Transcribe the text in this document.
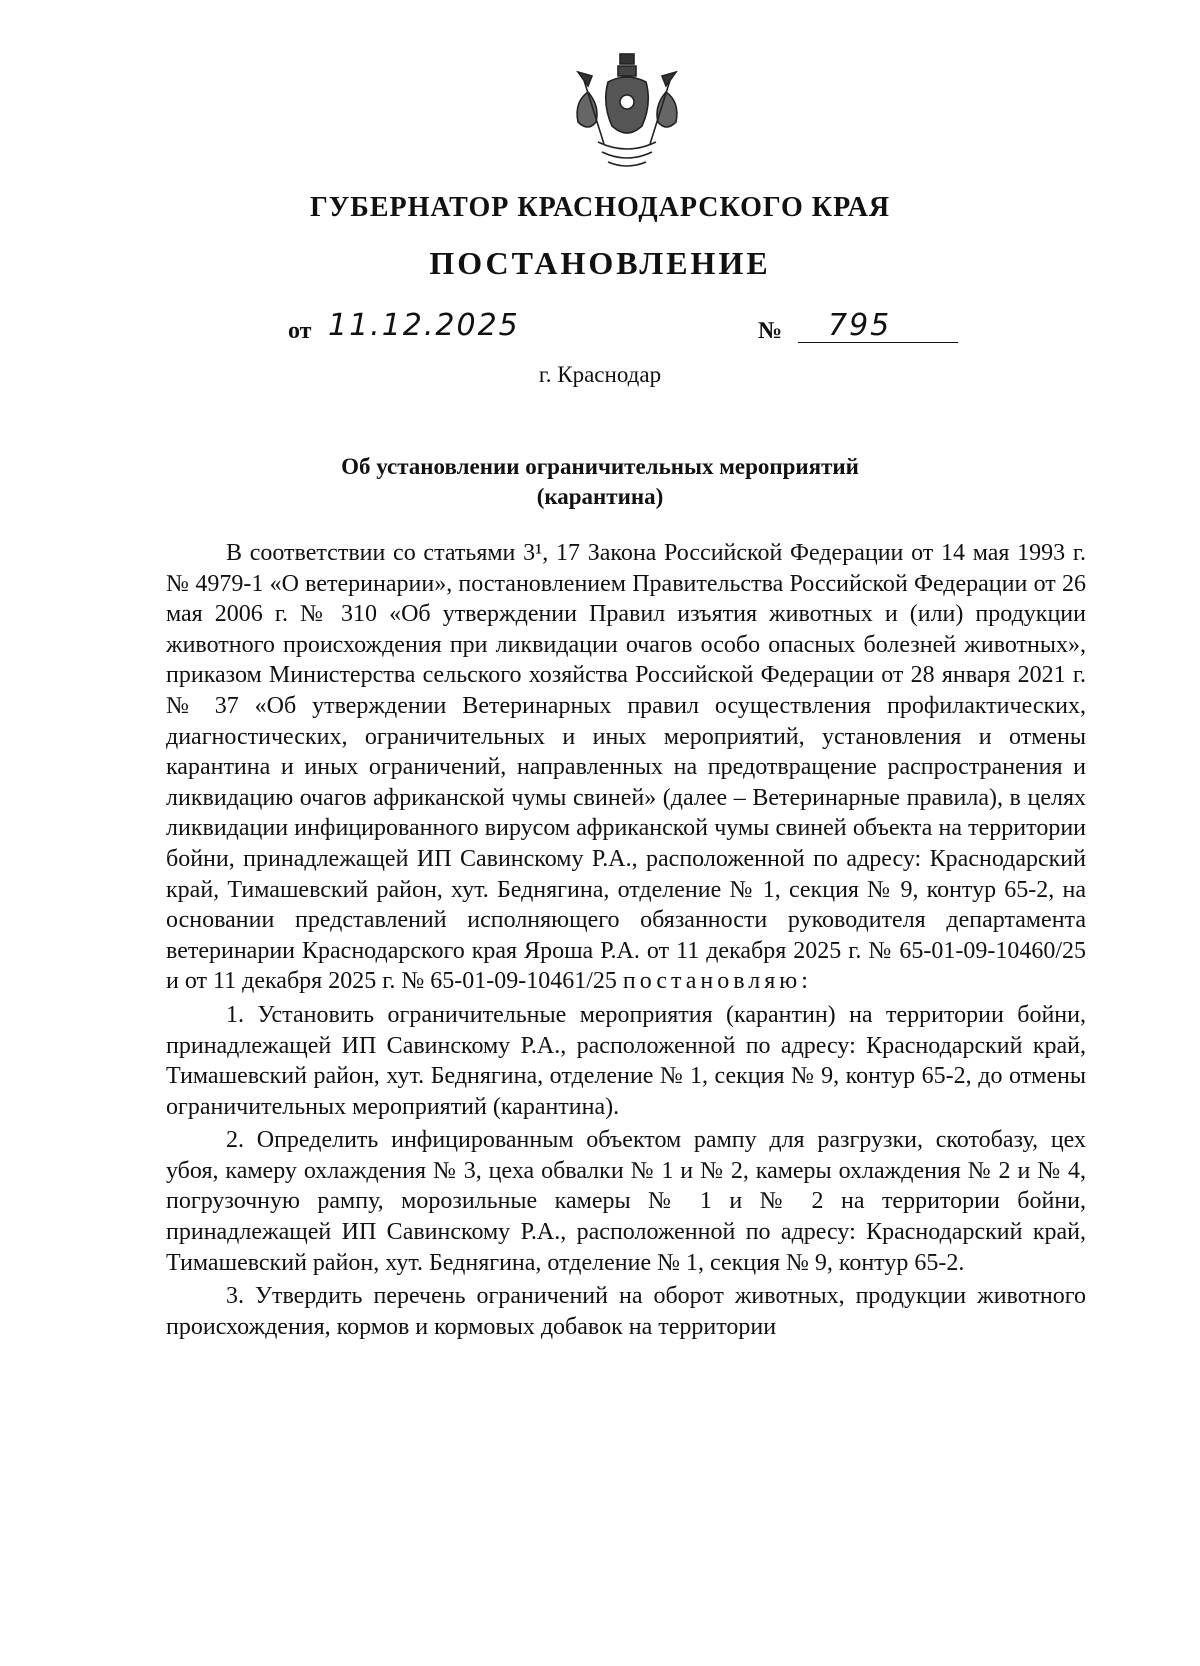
ГУБЕРНАТОР КРАСНОДАРСКОГО КРАЯ
ПОСТАНОВЛЕНИЕ
от 11.12.2025	№ 795
г. Краснодар
Об установлении ограничительных мероприятий
(карантина)

В соответствии со статьями 3¹, 17 Закона Российской Федерации от 14 мая 1993 г. № 4979-1 «О ветеринарии», постановлением Правительства Российской Федерации от 26 мая 2006 г. № 310 «Об утверждении Правил изъятия животных и (или) продукции животного происхождения при ликвидации очагов особо опасных болезней животных», приказом Министерства сельского хозяйства Российской Федерации от 28 января 2021 г. № 37 «Об утверждении Ветеринарных правил осуществления профилактических, диагностических, ограничительных и иных мероприятий, установления и отмены карантина и иных ограничений, направленных на предотвращение распространения и ликвидацию очагов африканской чумы свиней» (далее – Ветеринарные правила), в целях ликвидации инфицированного вирусом африканской чумы свиней объекта на территории бойни, принадлежащей ИП Савинскому Р.А., расположенной по адресу: Краснодарский край, Тимашевский район, хут. Беднягина, отделение № 1, секция № 9, контур 65-2, на основании представлений исполняющего обязанности руководителя департамента ветеринарии Краснодарского края Яроша Р.А. от 11 декабря 2025 г. № 65-01-09-10460/25 и от 11 декабря 2025 г. № 65-01-09-10461/25 постановляю:

1. Установить ограничительные мероприятия (карантин) на территории бойни, принадлежащей ИП Савинскому Р.А., расположенной по адресу: Краснодарский край, Тимашевский район, хут. Беднягина, отделение № 1, секция № 9, контур 65-2, до отмены ограничительных мероприятий (карантина).

2. Определить инфицированным объектом рампу для разгрузки, скотобазу, цех убоя, камеру охлаждения № 3, цеха обвалки № 1 и № 2, камеры охлаждения № 2 и № 4, погрузочную рампу, морозильные камеры № 1 и № 2 на территории бойни, принадлежащей ИП Савинскому Р.А., расположенной по адресу: Краснодарский край, Тимашевский район, хут. Беднягина, отделение № 1, секция № 9, контур 65-2.

3. Утвердить перечень ограничений на оборот животных, продукции животного происхождения, кормов и кормовых добавок на территории
